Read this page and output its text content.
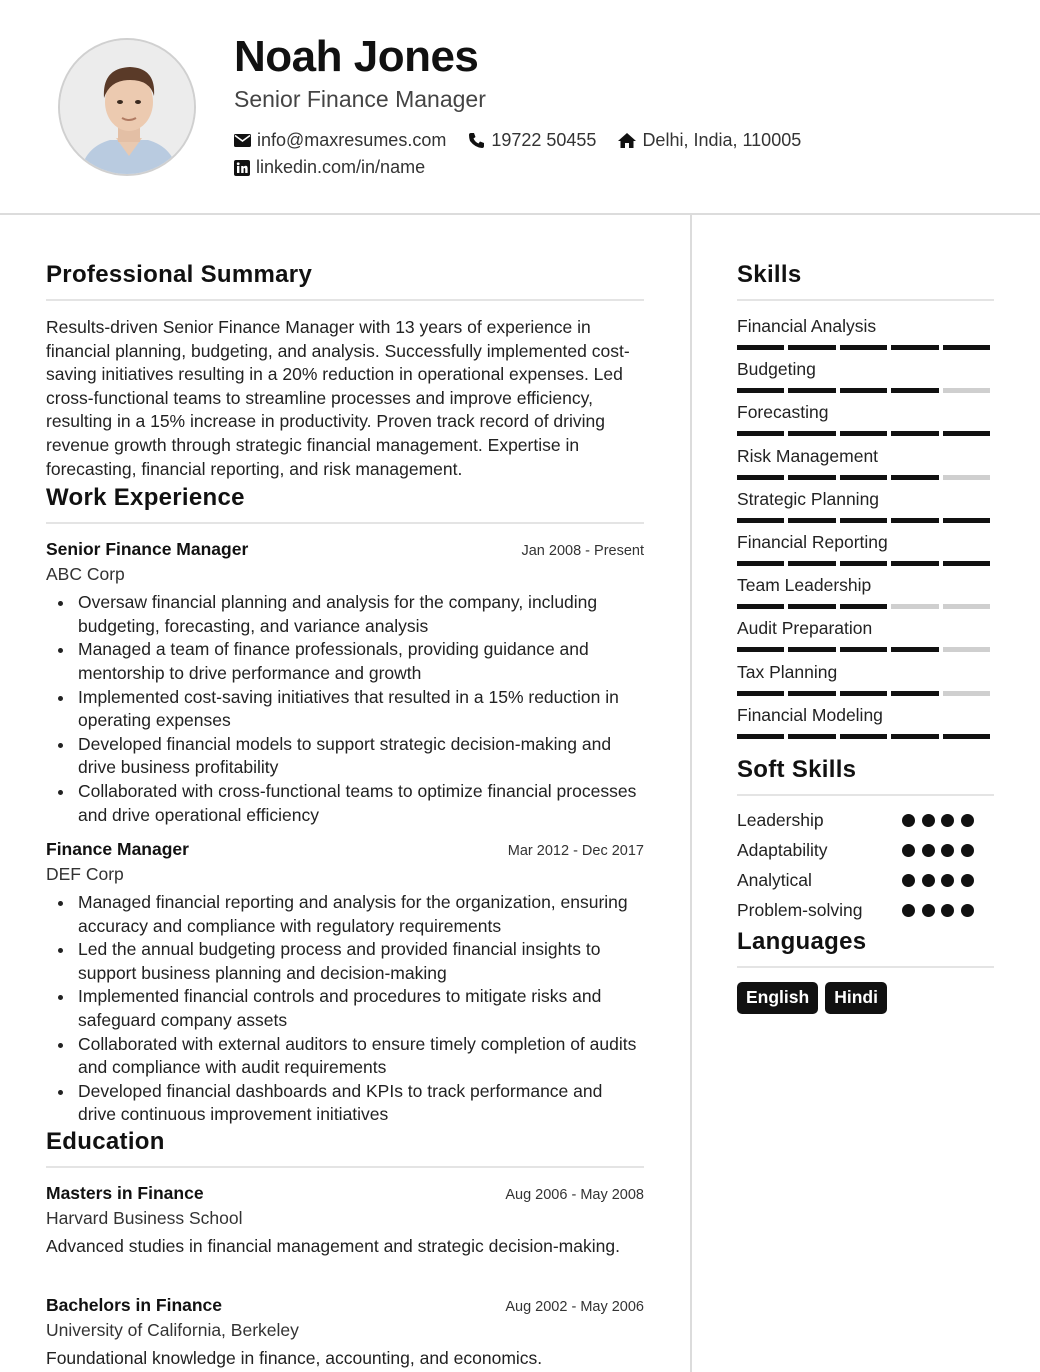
Noah Jones
Senior Finance Manager
info@maxresumes.com	19722 50455	Delhi, India, 110005
linkedin.com/in/name
Professional Summary
Results-driven Senior Finance Manager with 13 years of experience in financial planning, budgeting, and analysis. Successfully implemented cost-saving initiatives resulting in a 20% reduction in operational expenses. Led cross-functional teams to streamline processes and improve efficiency, resulting in a 15% increase in productivity. Proven track record of driving revenue growth through strategic financial management. Expertise in forecasting, financial reporting, and risk management.
Work Experience
Senior Finance Manager	Jan 2008 - Present
ABC Corp
Oversaw financial planning and analysis for the company, including budgeting, forecasting, and variance analysis
Managed a team of finance professionals, providing guidance and mentorship to drive performance and growth
Implemented cost-saving initiatives that resulted in a 15% reduction in operating expenses
Developed financial models to support strategic decision-making and drive business profitability
Collaborated with cross-functional teams to optimize financial processes and drive operational efficiency
Finance Manager	Mar 2012 - Dec 2017
DEF Corp
Managed financial reporting and analysis for the organization, ensuring accuracy and compliance with regulatory requirements
Led the annual budgeting process and provided financial insights to support business planning and decision-making
Implemented financial controls and procedures to mitigate risks and safeguard company assets
Collaborated with external auditors to ensure timely completion of audits and compliance with audit requirements
Developed financial dashboards and KPIs to track performance and drive continuous improvement initiatives
Education
Masters in Finance	Aug 2006 - May 2008
Harvard Business School
Advanced studies in financial management and strategic decision-making.
Bachelors in Finance	Aug 2002 - May 2006
University of California, Berkeley
Foundational knowledge in finance, accounting, and economics.
Skills
Financial Analysis
Budgeting
Forecasting
Risk Management
Strategic Planning
Financial Reporting
Team Leadership
Audit Preparation
Tax Planning
Financial Modeling
Soft Skills
Leadership
Adaptability
Analytical
Problem-solving
Languages
English	Hindi
